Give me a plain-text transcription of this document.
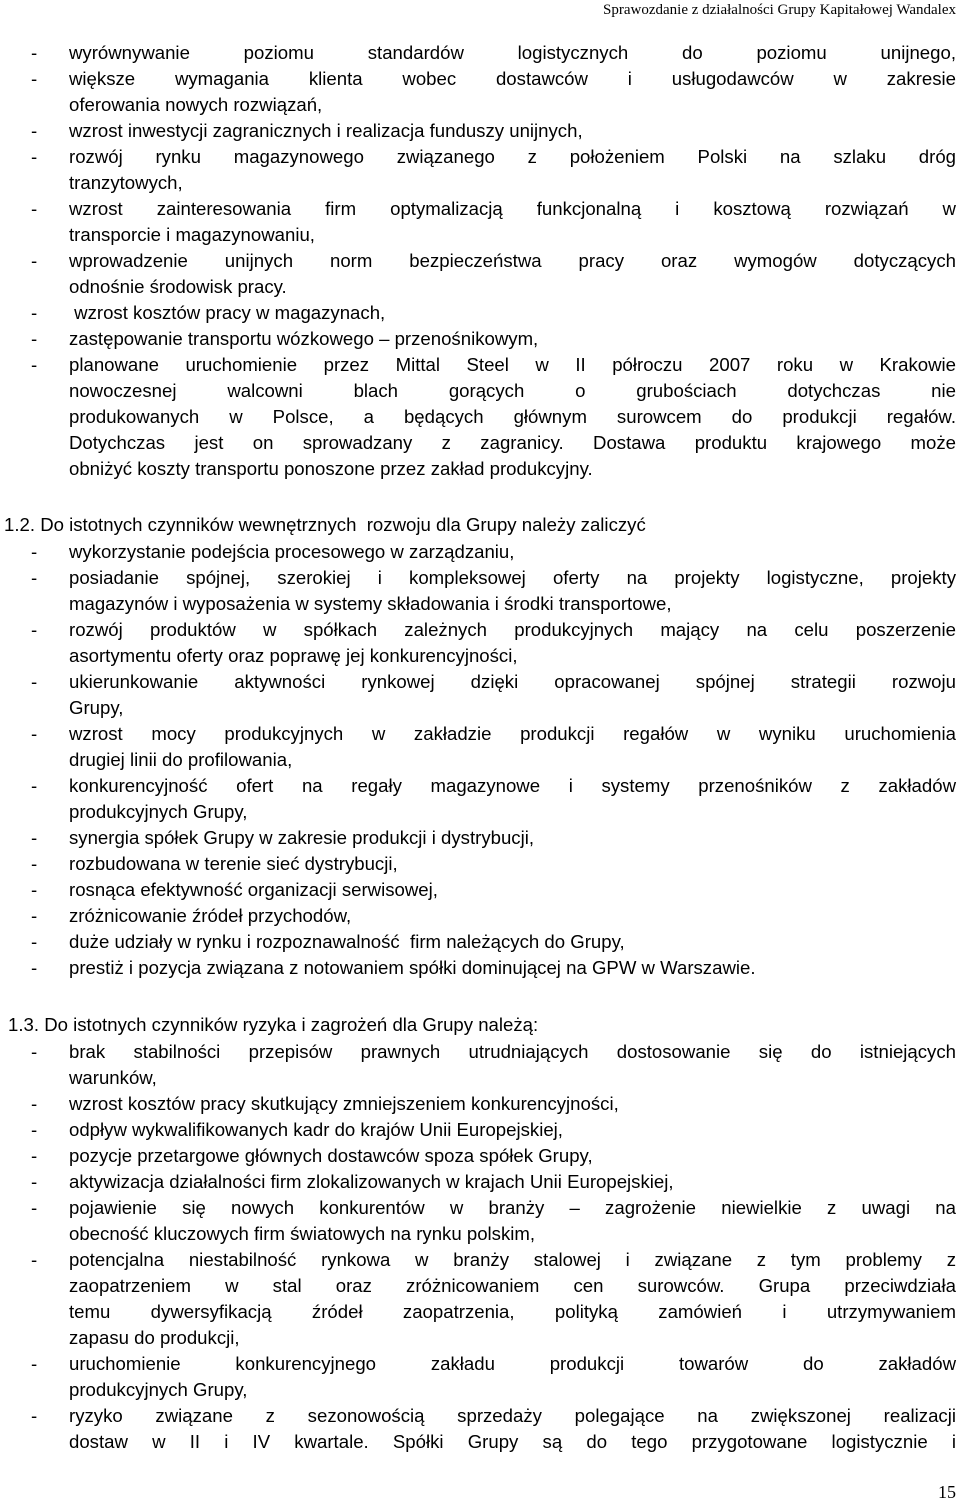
Sprawozdanie z działalności Grupy Kapitałowej Wandalex
-	wyrównywanie poziomu standardów logistycznych do poziomu unijnego,
-	większe wymagania klienta wobec dostawców i usługodawców w zakresie
oferowania nowych rozwiązań,
-	wzrost inwestycji zagranicznych i realizacja funduszy unijnych,
-	rozwój rynku magazynowego związanego z położeniem Polski na szlaku dróg
tranzytowych,
-	wzrost zainteresowania firm optymalizacją funkcjonalną i kosztową rozwiązań w
transporcie i magazynowaniu,
-	wprowadzenie unijnych norm bezpieczeństwa pracy oraz wymogów dotyczących
odnośnie środowisk pracy.
-	wzrost kosztów pracy w magazynach,
-	zastępowanie transportu wózkowego – przenośnikowym,
-	planowane uruchomienie przez Mittal Steel w II półroczu 2007 roku w Krakowie
nowoczesnej walcowni blach gorących o grubościach dotychczas nie
produkowanych w Polsce, a będących głównym surowcem do produkcji regałów.
Dotychczas jest on sprowadzany z zagranicy. Dostawa produktu krajowego może
obniżyć koszty transportu ponoszone przez zakład produkcyjny.
1.2. Do istotnych czynników wewnętrznych  rozwoju dla Grupy należy zaliczyć
-	wykorzystanie podejścia procesowego w zarządzaniu,
-	posiadanie spójnej, szerokiej i kompleksowej oferty na projekty logistyczne, projekty
magazynów i wyposażenia w systemy składowania i środki transportowe,
-	rozwój produktów w spółkach zależnych produkcyjnych mający na celu poszerzenie
asortymentu oferty oraz poprawę jej konkurencyjności,
-	ukierunkowanie aktywności rynkowej dzięki opracowanej spójnej strategii rozwoju
Grupy,
-	wzrost mocy produkcyjnych w zakładzie produkcji regałów w wyniku uruchomienia
drugiej linii do profilowania,
-	konkurencyjność ofert na regały magazynowe i systemy przenośników z zakładów
produkcyjnych Grupy,
-	synergia spółek Grupy w zakresie produkcji i dystrybucji,
-	rozbudowana w terenie sieć dystrybucji,
-	rosnąca efektywność organizacji serwisowej,
-	zróżnicowanie źródeł przychodów,
-	duże udziały w rynku i rozpoznawalność  firm należących do Grupy,
-	prestiż i pozycja związana z notowaniem spółki dominującej na GPW w Warszawie.
1.3. Do istotnych czynników ryzyka i zagrożeń dla Grupy należą:
-	brak stabilności przepisów prawnych utrudniających dostosowanie się do istniejących
warunków,
-	wzrost kosztów pracy skutkujący zmniejszeniem konkurencyjności,
-	odpływ wykwalifikowanych kadr do krajów Unii Europejskiej,
-	pozycje przetargowe głównych dostawców spoza spółek Grupy,
-	aktywizacja działalności firm zlokalizowanych w krajach Unii Europejskiej,
-	pojawienie się nowych konkurentów w branży – zagrożenie niewielkie z uwagi na
obecność kluczowych firm światowych na rynku polskim,
-	potencjalna niestabilność rynkowa w branży stalowej i związane z tym problemy z
zaopatrzeniem w stal oraz zróżnicowaniem cen surowców. Grupa przeciwdziała
temu dywersyfikacją źródeł zaopatrzenia, polityką zamówień i utrzymywaniem
zapasu do produkcji,
-	uruchomienie konkurencyjnego zakładu produkcji towarów do zakładów
produkcyjnych Grupy,
-	ryzyko związane z sezonowością sprzedaży polegające na zwiększonej realizacji
dostaw w II i IV kwartale. Spółki Grupy są do tego przygotowane logistycznie i
15
